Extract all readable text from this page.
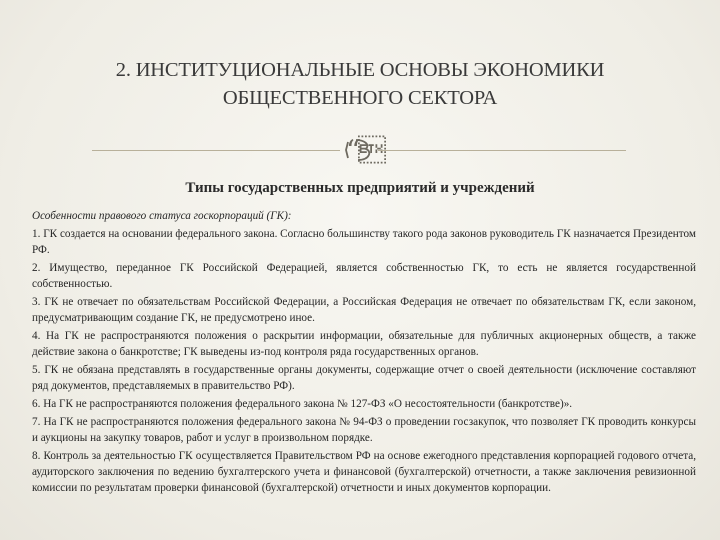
2. ИНСТИТУЦИОНАЛЬНЫЕ ОСНОВЫ ЭКОНОМИКИ
ОБЩЕСТВЕННОГО СЕКТОРА
“

Типы государственных предприятий и учреждений

Особенности правового статуса госкорпораций (ГК):

1. ГК создается на основании федерального закона. Согласно большинству такого рода законов руководитель ГК назначается Президентом РФ.

2. Имущество, переданное ГК Российской Федерацией, является собственностью ГК, то есть не является государственной собственностью.

3. ГК не отвечает по обязательствам Российской Федерации, а Российская Федерация не отвечает по обязательствам ГК, если законом, предусматривающим создание ГК, не предусмотрено иное.

4. На ГК не распространяются положения о раскрытии информации, обязательные для публичных акционерных обществ, а также действие закона о банкротстве; ГК выведены из-под контроля ряда государственных органов.

5. ГК не обязана представлять в государственные органы документы, содержащие отчет о своей деятельности (исключение составляют ряд документов, представляемых в правительство РФ).

6. На ГК не распространяются положения федерального закона № 127-ФЗ «О несостоятельности (банкротстве)».

7. На ГК не распространяются положения федерального закона № 94-ФЗ о проведении госзакупок, что позволяет ГК проводить конкурсы и аукционы на закупку товаров, работ и услуг в произвольном порядке.

8. Контроль за деятельностью ГК осуществляется Правительством РФ на основе ежегодного представления корпорацией годового отчета, аудиторского заключения по ведению бухгалтерского учета и финансовой (бухгалтерской) отчетности, а также заключения ревизионной комиссии по результатам проверки финансовой (бухгалтерской) отчетности и иных документов корпорации.
